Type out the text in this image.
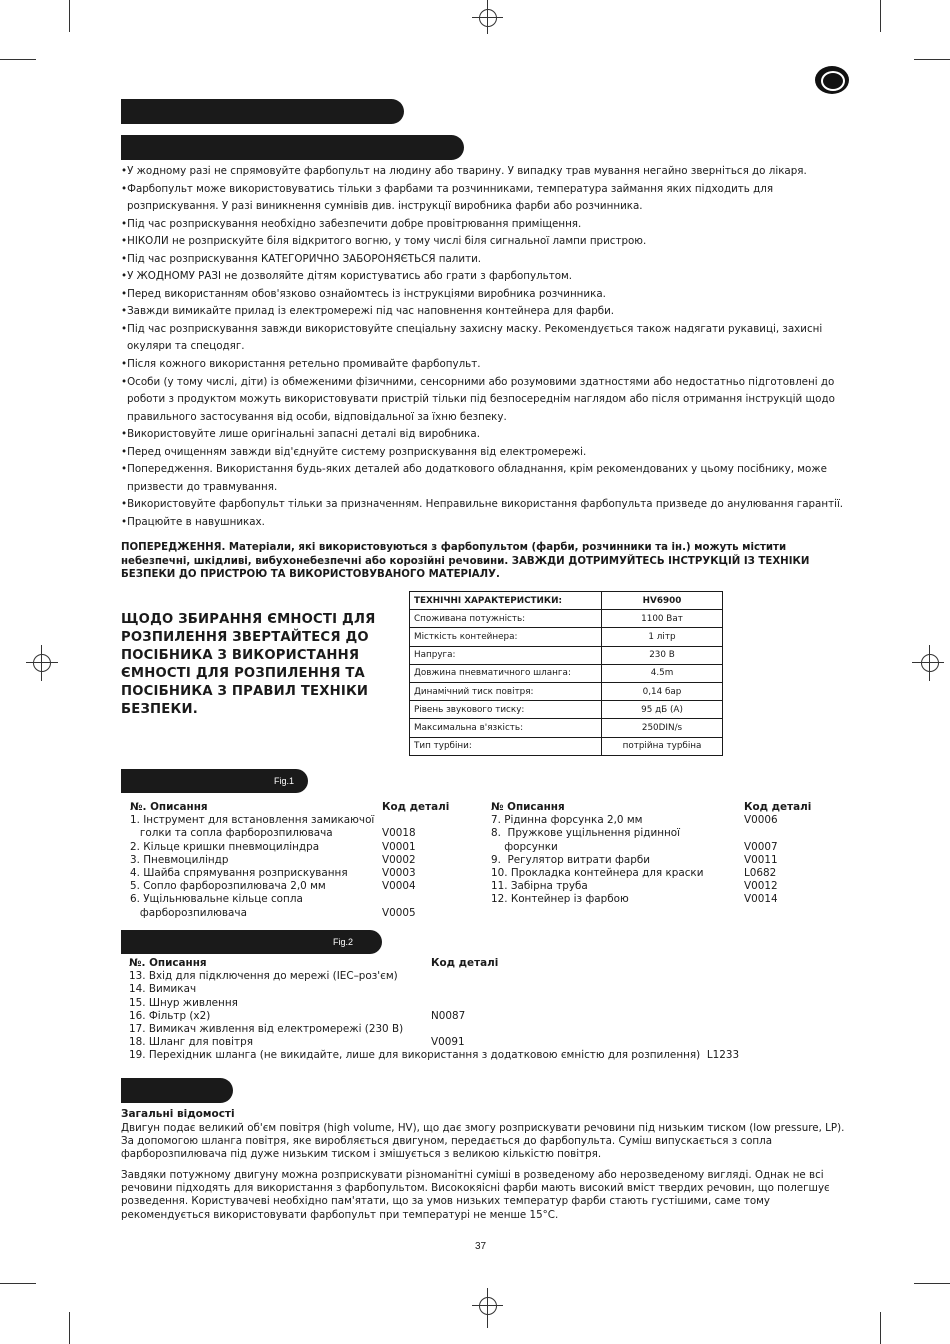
•У жодному разі не спрямовуйте фарбопульт на людину або тварину. У випадку трав мування негайно зверніться до лікаря.
•Фарбопульт може використовуватись тільки з фарбами та розчинниками, температура займання яких підходить для
розприскування. У разі виникнення сумнівів див. інструкції виробника фарби або розчинника.
•Під час розприскування необхідно забезпечити добре провітрювання приміщення.
•НІКОЛИ не розприскуйте біля відкритого вогню, у тому числі біля сигнальної лампи пристрою.
•Під час розприскування КАТЕГОРИЧНО ЗАБОРОНЯЄТЬСЯ палити.
•У ЖОДНОМУ РАЗІ не дозволяйте дітям користуватись або грати з фарбопультом.
•Перед використанням обов'язково ознайомтесь із інструкціями виробника розчинника.
•Завжди вимикайте прилад із електромережі під час наповнення контейнера для фарби.
•Під час розприскування завжди використовуйте спеціальну захисну маску. Рекомендується також надягати рукавиці, захисні
окуляри та спецодяг.
•Після кожного використання ретельно промивайте фарбопульт.
•Особи (у тому числі, діти) із обмеженими фізичними, сенсорними або розумовими здатностями або недостатньо підготовлені до
роботи з продуктом можуть використовувати пристрій тільки під безпосереднім наглядом або після отримання інструкцій щодо
правильного застосування від особи, відповідальної за їхню безпеку.
•Використовуйте лише оригінальні запасні деталі від виробника.
•Перед очищенням завжди від'єднуйте систему розприскування від електромережі.
•Попередження. Використання будь-яких деталей або додаткового обладнання, крім рекомендованих у цьому посібнику, може
призвести до травмування.
•Використовуйте фарбопульт тільки за призначенням. Неправильне використання фарбопульта призведе до анулювання гарантії.
•Працюйте в навушниках.
ПОПЕРЕДЖЕННЯ. Матеріали, які використовуються з фарбопультом (фарби, розчинники та ін.) можуть містити небезпечні, шкідливі, вибухонебезпечні або корозійні речовини. ЗАВЖДИ ДОТРИМУЙТЕСЬ ІНСТРУКЦІЙ ІЗ ТЕХНІКИ БЕЗПЕКИ ДО ПРИСТРОЮ ТА ВИКОРИСТОВУВАНОГО МАТЕРІАЛУ.
ЩОДО ЗБИРАННЯ ЄМНОСТІ ДЛЯ РОЗПИЛЕННЯ ЗВЕРТАЙТЕСЯ ДО ПОСІБНИКА З ВИКОРИСТАННЯ ЄМНОСТІ ДЛЯ РОЗПИЛЕННЯ ТА ПОСІБНИКА З ПРАВИЛ ТЕХНІКИ БЕЗПЕКИ.
ТЕХНІЧНІ ХАРАКТЕРИСТИКИ:	HV6900
Споживана потужність:	1100 Ват
Місткість контейнера:	1 літр
Напруга:	230 В
Довжина пневматичного шланга:	4.5m
Динамічний тиск повітря:	0,14 бар
Рівень звукового тиску:	95 дБ (A)
Максимальна в'язкість:	250DIN/s
Тип турбіни:	потрійна турбіна
Fig.1
№. Описання	Код деталі
1. Інструмент для встановлення замикаючої
голки та сопла фарборозпилювача	V0018
2. Кільце кришки пневмоциліндра	V0001
3. Пневмоциліндр	V0002
4. Шайба спрямування розприскування	V0003
5. Сопло фарборозпилювача 2,0 мм	V0004
6. Ущільнювальне кільце сопла
фарборозпилювача	V0005
№ Описання	Код деталі
7. Рідинна форсунка 2,0 мм	V0006
8.  Пружкове ущільнення рідинної
форсунки	V0007
9.  Регулятор витрати фарби	V0011
10. Прокладка контейнера для краски	L0682
11. Забірна труба	V0012
12. Контейнер із фарбою	V0014
Fig.2
№. Описання	Код деталі
13. Вхід для підключення до мережі (IEC–роз'єм)
14. Вимикач
15. Шнур живлення
16. Фільтр (x2)	N0087
17. Вимикач живлення від електромережі (230 В)
18. Шланг для повітря	V0091
19. Перехідник шланга (не викидайте, лише для використання з додатковою ємністю для розпилення)  L1233
Загальні відомості
Двигун подає великий об'єм повітря (high volume, HV), що дає змогу розприскувати речовини під низьким тиском (low pressure, LP). За допомогою шланга повітря, яке виробляється двигуном, передається до фарбопульта. Суміш випускається з сопла фарборозпилювача під дуже низьким тиском і змішується з великою кількістю повітря.
Завдяки потужному двигуну можна розприскувати різноманітні суміші в розведеному або нерозведеному вигляді. Однак не всі речовини підходять для використання з фарбопультом. Висококяісні фарби мають високий вміст твердих речовин, що полегшує розведення. Користувачеві необхідно пам'ятати, що за умов низьких температур фарби стають густішими, саме тому рекомендується використовувати фарбопульт при температурі не менше 15°C.
37
